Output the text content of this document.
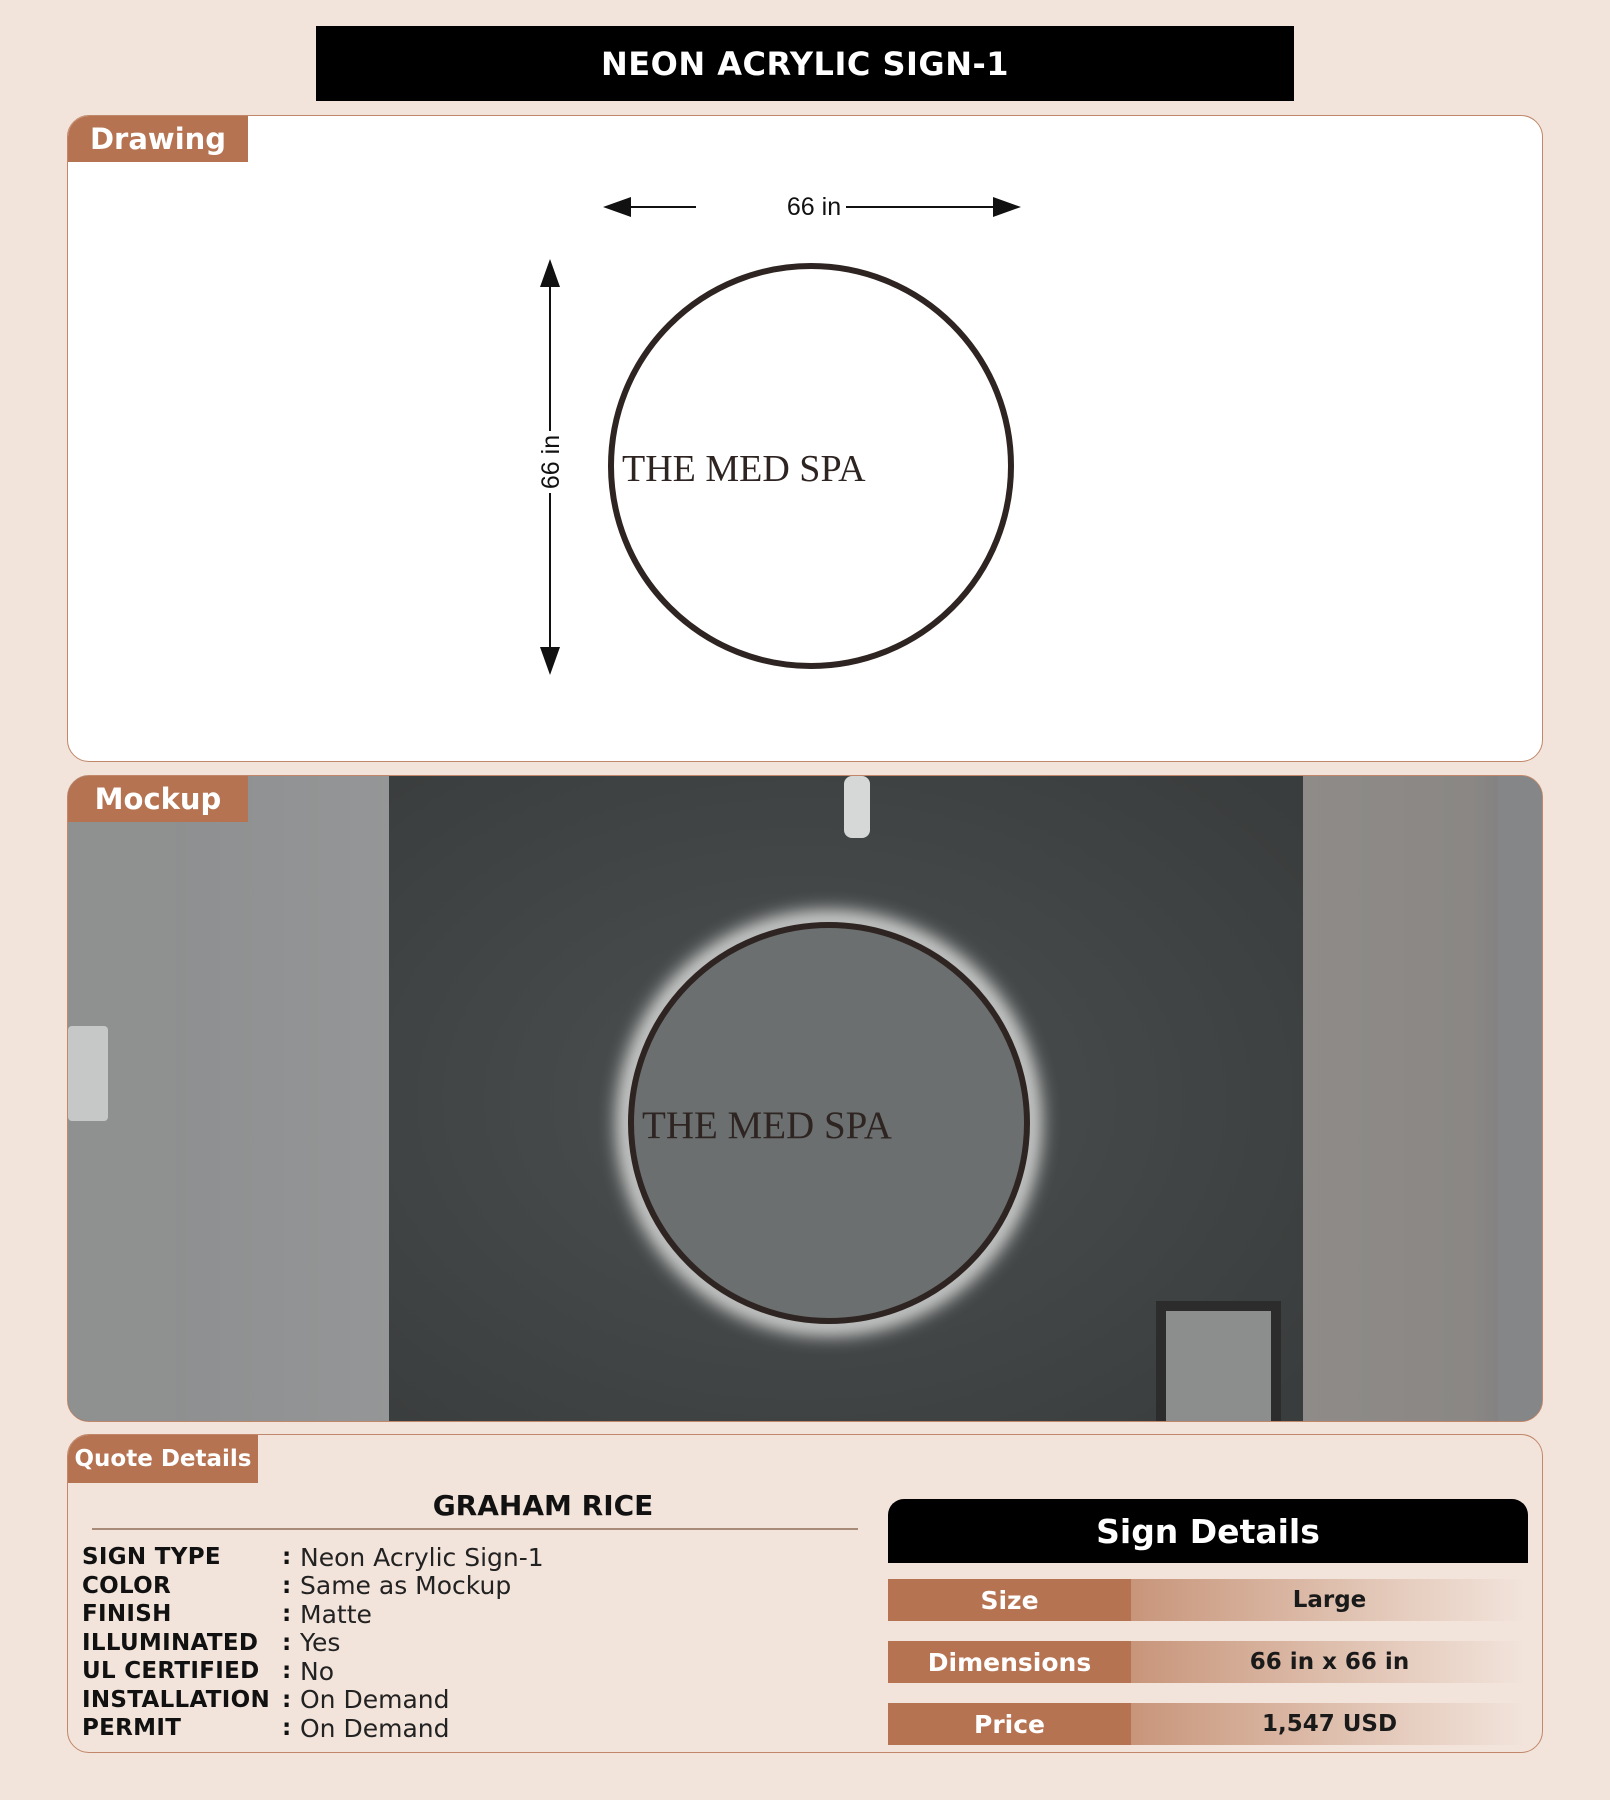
NEON ACRYLIC SIGN-1
Drawing
66 in
66 in THE MED SPA
Mockup
THE MED SPA
Quote Details
GRAHAM RICE
SIGN TYPE	: Neon Acrylic Sign-1
COLOR	: Same as Mockup
FINISH	: Matte
ILLUMINATED	: Yes
UL CERTIFIED : No
INSTALLATION : On Demand
PERMIT	: On Demand
Sign Details
Size	Large
Dimensions	66 in x 66 in
Price	1,547 USD
